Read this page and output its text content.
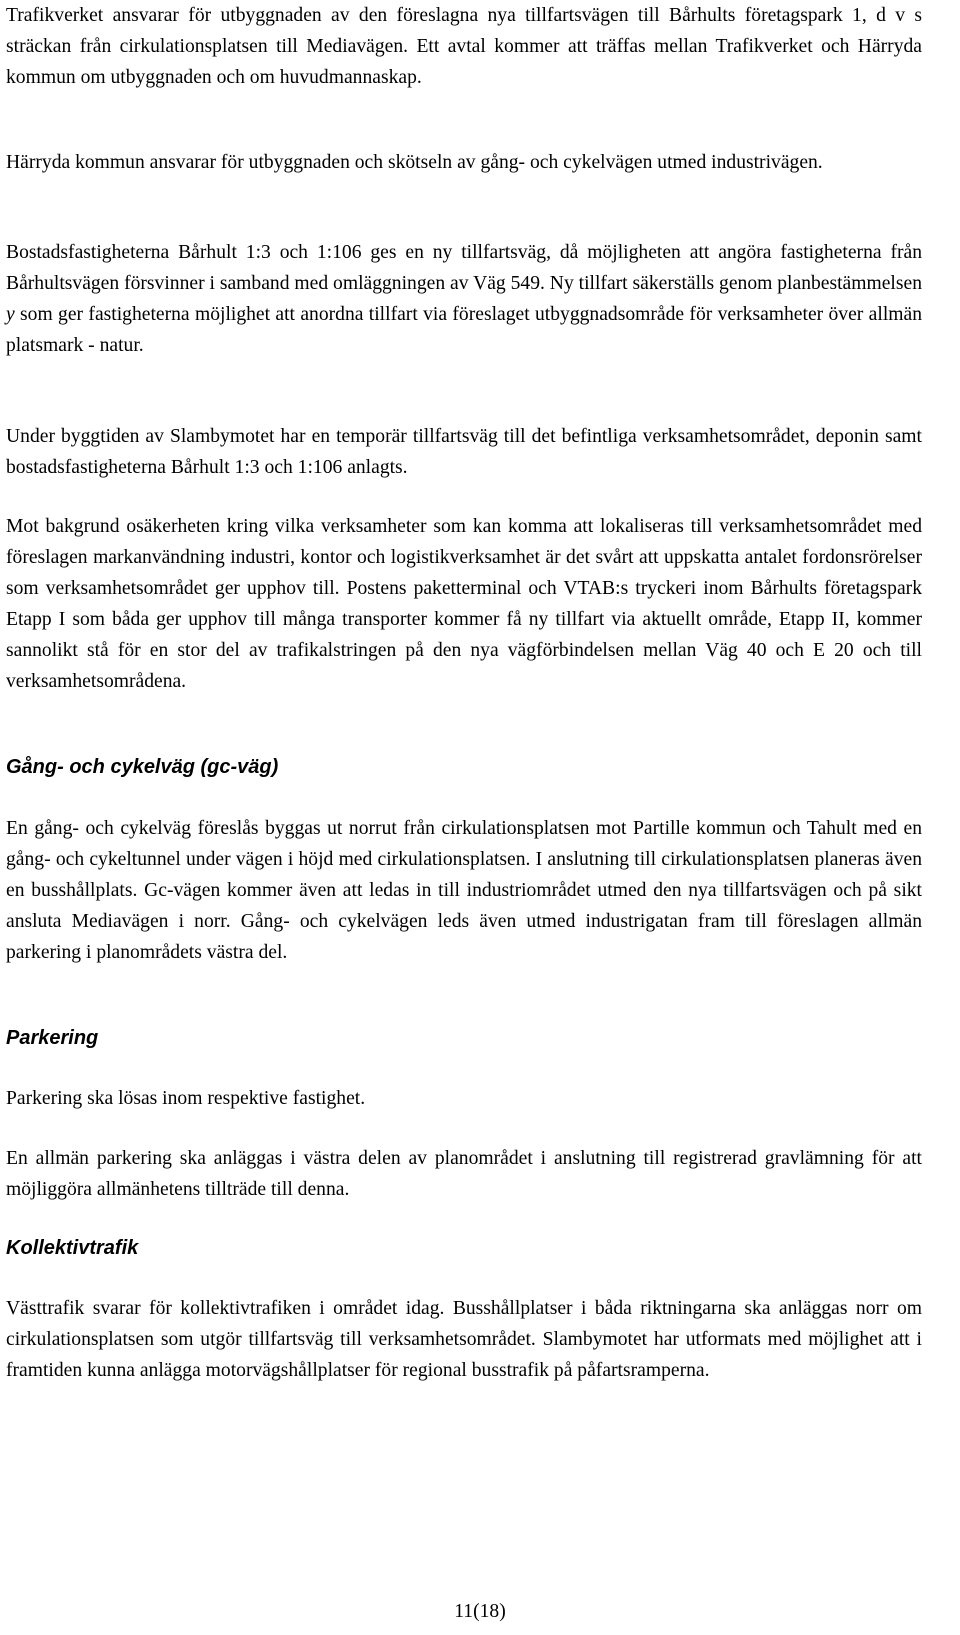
Trafikverket ansvarar för utbyggnaden av den föreslagna nya tillfartsvägen till Bårhults företagspark 1, d v s sträckan från cirkulationsplatsen till Mediavägen. Ett avtal kommer att träffas mellan Trafikverket och Härryda kommun om utbyggnaden och om huvudmannaskap.

Härryda kommun ansvarar för utbyggnaden och skötseln av gång- och cykelvägen utmed industrivägen.

Bostadsfastigheterna Bårhult 1:3 och 1:106 ges en ny tillfartsväg, då möjligheten att angöra fastigheterna från Bårhultsvägen försvinner i samband med omläggningen av Väg 549. Ny tillfart säkerställs genom planbestämmelsen y som ger fastigheterna möjlighet att anordna tillfart via föreslaget utbyggnadsområde för verksamheter över allmän platsmark - natur.

Under byggtiden av Slambymotet har en temporär tillfartsväg till det befintliga verksamhetsområdet, deponin samt bostadsfastigheterna Bårhult 1:3 och 1:106 anlagts.

Mot bakgrund osäkerheten kring vilka verksamheter som kan komma att lokaliseras till verksamhetsområdet med föreslagen markanvändning industri, kontor och logistikverksamhet är det svårt att uppskatta antalet fordonsrörelser som verksamhetsområdet ger upphov till. Postens paketterminal och VTAB:s tryckeri inom Bårhults företagspark Etapp I som båda ger upphov till många transporter kommer få ny tillfart via aktuellt område, Etapp II, kommer sannolikt stå för en stor del av trafikalstringen på den nya vägförbindelsen mellan Väg 40 och E 20 och till verksamhetsområdena.

Gång- och cykelväg (gc-väg)

En gång- och cykelväg föreslås byggas ut norrut från cirkulationsplatsen mot Partille kommun och Tahult med en gång- och cykeltunnel under vägen i höjd med cirkulationsplatsen. I anslutning till cirkulationsplatsen planeras även en busshållplats. Gc-vägen kommer även att ledas in till industriområdet utmed den nya tillfartsvägen och på sikt ansluta Mediavägen i norr. Gång- och cykelvägen leds även utmed industrigatan fram till föreslagen allmän parkering i planområdets västra del.

Parkering

Parkering ska lösas inom respektive fastighet.

En allmän parkering ska anläggas i västra delen av planområdet i anslutning till registrerad gravlämning för att möjliggöra allmänhetens tillträde till denna.

Kollektivtrafik

Västtrafik svarar för kollektivtrafiken i området idag. Busshållplatser i båda riktningarna ska anläggas norr om cirkulationsplatsen som utgör tillfartsväg till verksamhetsområdet. Slambymotet har utformats med möjlighet att i framtiden kunna anlägga motorvägshållplatser för regional busstrafik på påfartsramperna.

11(18)
